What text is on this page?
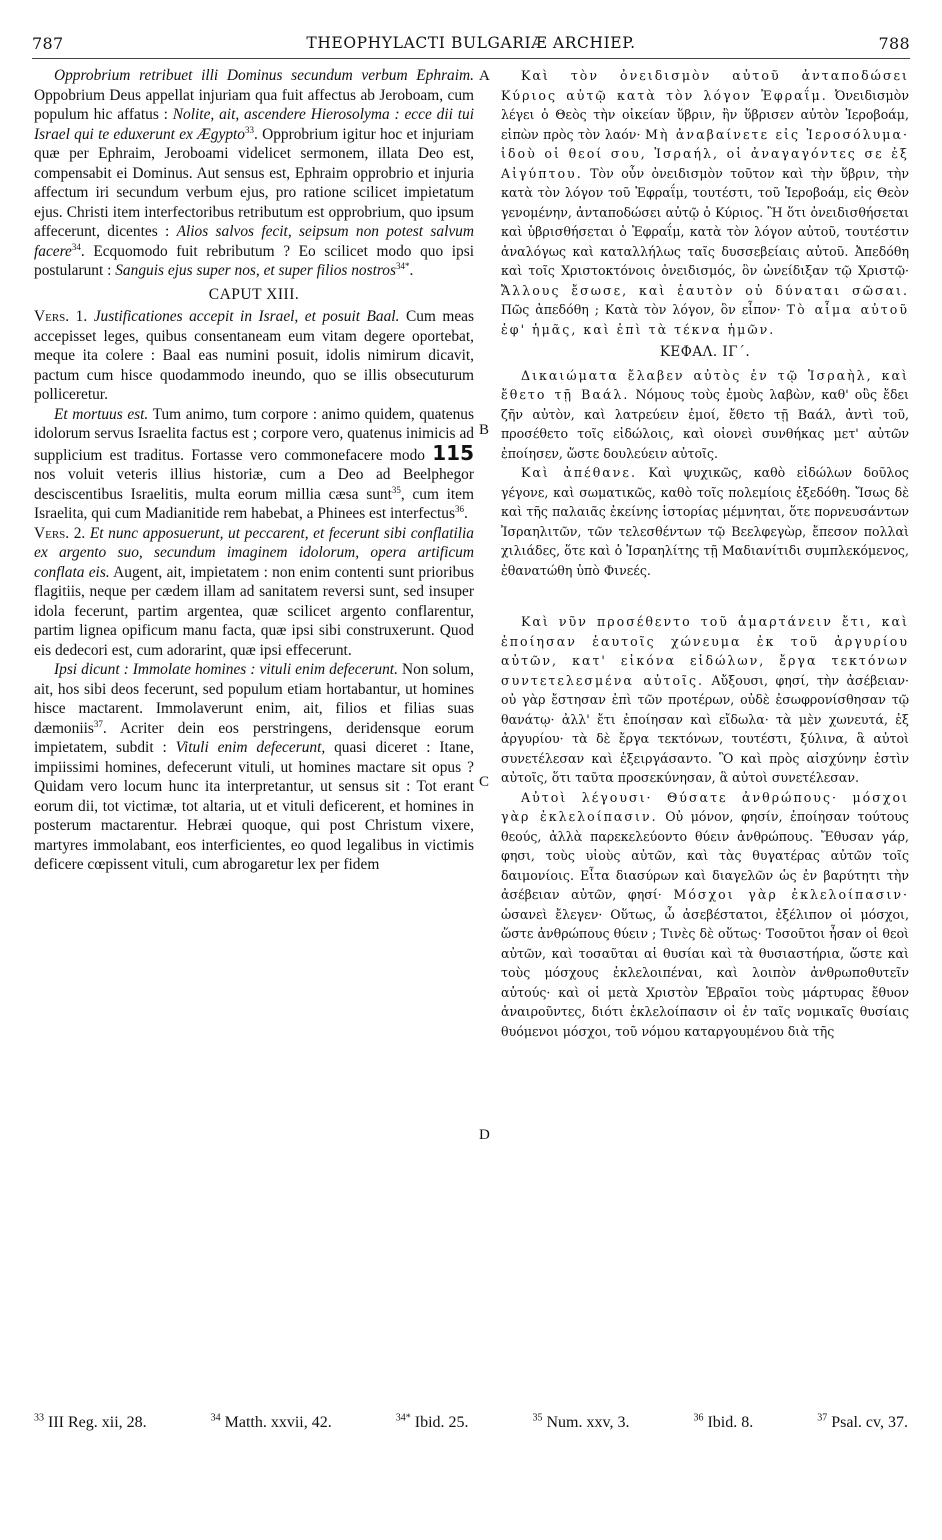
787	THEOPHYLACTI BULGARIÆ ARCHIEP.	788
A
B
C
D

Opprobrium retribuet illi Dominus secundum verbum Ephraim. Oppobrium Deus appellat injuriam qua fuit affectus ab Jeroboam, cum populum hic affatus : Nolite, ait, ascendere Hierosolyma : ecce dii tui Israel qui te eduxerunt ex Ægypto$^{33}$. Opprobrium igitur hoc et injuriam quæ per Ephraim, Jeroboami videlicet sermonem, illata Deo est, compensabit ei Dominus. Aut sensus est, Ephraim opprobrio et injuria affectum iri secundum verbum ejus, pro ratione scilicet impietatum ejus. Christi item interfectoribus retributum est opprobrium, quo ipsum affecerunt, dicentes : Alios salvos fecit, seipsum non potest salvum facere$^{34}$. Ecquomodo fuit rebributum ? Eo scilicet modo quo ipsi postularunt : Sanguis ejus super nos, et super filios nostros$^{34*}$.

CAPUT XIII.

Vers. 1. Justificationes accepit in Israel, et posuit Baal. Cum meas accepisset leges, quibus consentaneam eum vitam degere oportebat, meque ita colere : Baal eas numini posuit, idolis nimirum dicavit, pactum cum hisce quodammodo ineundo, quo se illis obsecuturum polliceretur.

Et mortuus est. Tum animo, tum corpore : animo quidem, quatenus idolorum servus Israelita factus est ; corpore vero, quatenus inimicis ad supplicium est traditus. Fortasse vero commonefacere modo 115 nos voluit veteris illius historiæ, cum a Deo ad Beelphegor desciscentibus Israelitis, multa eorum millia cæsa sunt$^{35}$, cum item Israelita, qui cum Madianitide rem habebat, a Phinees est interfectus$^{36}$.

Vers. 2. Et nunc apposuerunt, ut peccarent, et fecerunt sibi conflatilia ex argento suo, secundum imaginem idolorum, opera artificum conflata eis. Augent, ait, impietatem : non enim contenti sunt prioribus flagitiis, neque per cædem illam ad sanitatem reversi sunt, sed insuper idola fecerunt, partim argentea, quæ scilicet argento conflarentur, partim lignea opificum manu facta, quæ ipsi sibi construxerunt. Quod eis dedecori est, cum adorarint, quæ ipsi effecerunt.

Ipsi dicunt : Immolate homines : vituli enim defecerunt. Non solum, ait, hos sibi deos fecerunt, sed populum etiam hortabantur, ut homines hisce mactarent. Immolaverunt enim, ait, filios et filias suas dæmoniis$^{37}$. Acriter dein eos perstringens, deridensque eorum impietatem, subdit : Vituli enim defecerunt, quasi diceret : Itane, impiissimi homines, defecerunt vituli, ut homines mactare sit opus ? Quidam vero locum hunc ita interpretantur, ut sensus sit : Tot erant eorum dii, tot victimæ, tot altaria, ut et vituli deficerent, et homines in posterum mactarentur. Hebræi quoque, qui post Christum vixere, martyres immolabant, eos interficientes, eo quod legalibus in victimis deficere cœpissent vituli, cum abrogaretur lex per fidem

Καὶ τὸν ὀνειδισμὸν αὐτοῦ ἀνταποδώσει Κύριος αὐτῷ κατὰ τὸν λόγον Ἐφραΐμ. Ὀνειδισμὸν λέγει ὁ Θεὸς τὴν οἰκείαν ὕβριν, ἣν ὕβρισεν αὐτὸν Ἱεροβοάμ, εἰπὼν πρὸς τὸν λαόν· Μὴ ἀναβαίνετε εἰς Ἱεροσόλυμα· ἰδοὺ οἱ θεοί σου, Ἰσραήλ, οἱ ἀναγαγόντες σε ἐξ Αἰγύπτου. Τὸν οὖν ὀνειδισμὸν τοῦτον καὶ τὴν ὕβριν, τὴν κατὰ τὸν λόγον τοῦ Ἐφραΐμ, τουτέστι, τοῦ Ἱεροβοάμ, εἰς Θεὸν γενομένην, ἀνταποδώσει αὐτῷ ὁ Κύριος. Ἢ ὅτι ὀνειδισθήσεται καὶ ὑβρισθήσεται ὁ Ἐφραΐμ, κατὰ τὸν λόγον αὐτοῦ, τουτέστιν ἀναλόγως καὶ καταλλήλως ταῖς δυσσεβείαις αὐτοῦ. Ἀπεδόθη καὶ τοῖς Χριστοκτόνοις ὀνειδισμός, ὃν ὠνείδιξαν τῷ Χριστῷ· Ἄλλους ἔσωσε, καὶ ἑαυτὸν οὐ δύναται σῶσαι. Πῶς ἀπεδόθη ; Κατὰ τὸν λόγον, ὃν εἶπον· Τὸ αἷμα αὐτοῦ ἐφ' ἡμᾶς, καὶ ἐπὶ τὰ τέκνα ἡμῶν.

ΚΕΦΑΛ. ΙΓ΄.

Δικαιώματα ἔλαβεν αὐτὸς ἐν τῷ Ἰσραὴλ, καὶ ἔθετο τῇ Βαάλ. Νόμους τοὺς ἐμοὺς λαβὼν, καθ' οὓς ἔδει ζῆν αὐτὸν, καὶ λατρεύειν ἐμοί, ἔθετο τῇ Βαάλ, ἀντὶ τοῦ, προσέθετο τοῖς εἰδώλοις, καὶ οἱονεὶ συνθήκας μετ' αὐτῶν ἐποίησεν, ὥστε δουλεύειν αὐτοῖς.

Καὶ ἀπέθανε. Καὶ ψυχικῶς, καθὸ εἰδώλων δοῦλος γέγονε, καὶ σωματικῶς, καθὸ τοῖς πολεμίοις ἐξεδόθη. Ἴσως δὲ καὶ τῆς παλαιᾶς ἐκείνης ἱστορίας μέμνηται, ὅτε πορνευσάντων Ἰσραηλιτῶν, τῶν τελεσθέντων τῷ Βεελφεγὼρ, ἔπεσον πολλαὶ χιλιάδες, ὅτε καὶ ὁ Ἰσραηλίτης τῇ Μαδιανίτιδι συμπλεκόμενος, ἐθανατώθη ὑπὸ Φινεές.

Καὶ νῦν προσέθεντο τοῦ ἁμαρτάνειν ἔτι, καὶ ἐποίησαν ἑαυτοῖς χώνευμα ἐκ τοῦ ἀργυρίου αὐτῶν, κατ' εἰκόνα εἰδώλων, ἔργα τεκτόνων συντετελεσμένα αὐτοῖς. Αὔξουσι, φησί, τὴν ἀσέβειαν· οὐ γὰρ ἔστησαν ἐπὶ τῶν προτέρων, οὐδὲ ἐσωφρονίσθησαν τῷ θανάτῳ· ἀλλ' ἔτι ἐποίησαν καὶ εἴδωλα· τὰ μὲν χωνευτά, ἐξ ἀργυρίου· τὰ δὲ ἔργα τεκτόνων, τουτέστι, ξύλινα, ἃ αὐτοὶ συνετέλεσαν καὶ ἐξειργάσαντο. Ὃ καὶ πρὸς αἰσχύνην ἐστὶν αὐτοῖς, ὅτι ταῦτα προσεκύνησαν, ἃ αὐτοὶ συνετέλεσαν.

Αὐτοὶ λέγουσι· Θύσατε ἀνθρώπους· μόσχοι γὰρ ἐκλελοίπασιν. Οὐ μόνον, φησίν, ἐποίησαν τούτους θεούς, ἀλλὰ παρεκελεύοντο θύειν ἀνθρώπους. Ἔθυσαν γάρ, φησι, τοὺς υἱοὺς αὐτῶν, καὶ τὰς θυγατέρας αὐτῶν τοῖς δαιμονίοις. Εἶτα διασύρων καὶ διαγελῶν ὡς ἐν βαρύτητι τὴν ἀσέβειαν αὐτῶν, φησί· Μόσχοι γὰρ ἐκλελοίπασιν· ὡσανεὶ ἔλεγεν· Οὕτως, ὦ ἀσεβέστατοι, ἐξέλιπον οἱ μόσχοι, ὥστε ἀνθρώπους θύειν ; Τινὲς δὲ οὕτως· Τοσοῦτοι ἦσαν οἱ θεοὶ αὐτῶν, καὶ τοσαῦται αἱ θυσίαι καὶ τὰ θυσιαστήρια, ὥστε καὶ τοὺς μόσχους ἐκλελοιπέναι, καὶ λοιπὸν ἀνθρωποθυτεῖν αὐτούς· καὶ οἱ μετὰ Χριστὸν Ἑβραῖοι τοὺς μάρτυρας ἔθυον ἀναιροῦντες, διότι ἐκλελοίπασιν οἱ ἐν ταῖς νομικαῖς θυσίαις θυόμενοι μόσχοι, τοῦ νόμου καταργουμένου διὰ τῆς

$^{33}$ III Reg. xii, 28.	$^{34}$ Matth. xxvii, 42.	$^{34*}$ Ibid. 25.	$^{35}$ Num. xxv, 3.	$^{36}$ Ibid. 8.	$^{37}$ Psal. cv, 37.
